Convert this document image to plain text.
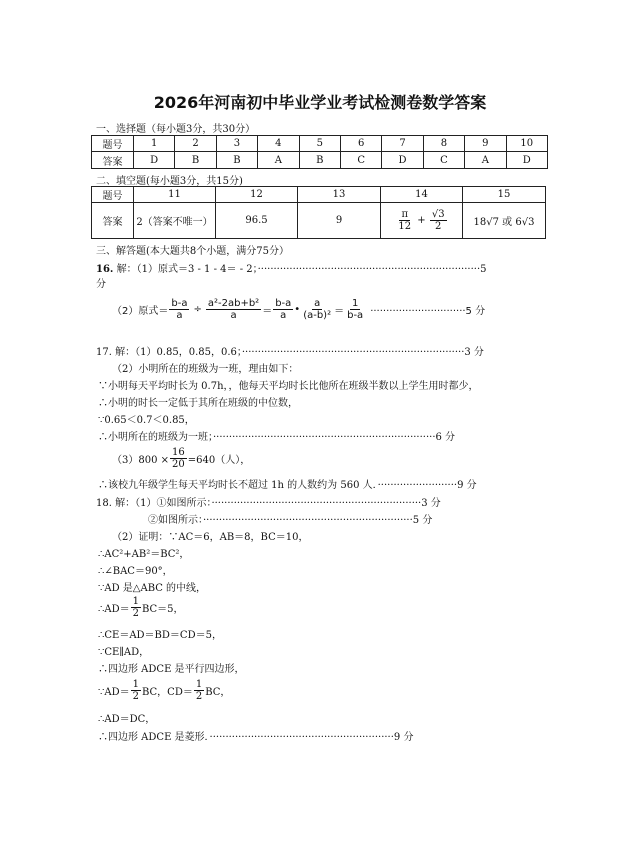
2026年河南初中毕业学业考试检测卷数学答案
一、选择题（每小题3分，共30分）
题号	1	2	3	4	5	6	7	8	9	10
答案	D	B	B	A	B	C	D	C	A	D
二、填空题(每小题3分，共15分)
题号	11	12	13	14	15
答案	2（答案不唯一）	96.5	9	$\frac{\pi}{12} + \frac{√3}{2}$	18√7 或 6√3
三、解答题(本大题共8个小题，满分75分）
16. 解：（1）原式＝3 - 1 - 4＝ - 2；······································································5
分
（2）原式＝ $\frac{b-a}{a} \div \frac{\text{a²-2ab+b²}}{a} = \frac{b-a}{a}$ • $\frac{a}{\text{(a-b)²}} = \frac{1}{b-a} \cdot\cdot\cdot\cdot\cdot\cdot\cdot\cdot\cdot\cdot\cdot\cdot\cdot\cdot\cdot\cdot\cdot\cdot\cdot\cdot\cdot\cdot\cdot\cdot\cdot\cdot\cdot\cdot\cdot\cdot 5$ 分
17. 解：（1）0.85，0.85，0.6；······································································3 分
（2）小明所在的班级为一班，理由如下：
∵小明每天平均时长为 0.7h，，他每天平均时长比他所在班级半数以上学生用时都少，
∴小明的时长一定低于其所在班级的中位数，
∵0.65＜0.7＜0.85，
∴小明所在的班级为一班；······································································6 分
$(3)800 \times \frac{16}{20} =640$（人），
∴该校九年级学生每天平均时长不超过 1h 的人数约为 560 人．·························9 分
18. 解：（1）①如图所示：··································································3 分
②如图所示：··································································5 分
（2）证明：∵AC＝6，AB＝8，BC＝10，
∴AC²+AB²＝BC²，
∴∠BAC＝90°，
∵AD 是△ABC 的中线，
∴AD＝ $\frac{1}{2} BC=5$，
∴CE＝AD＝BD＝CD＝5，
∵CE∥AD，
∴四边形 ADCE 是平行四边形，
∵AD＝ $\frac{1}{2}$ BC，$CD= \frac{1}{2}$ BC，
∴AD＝DC，
∴四边形 ADCE 是菱形．··························································9 分
